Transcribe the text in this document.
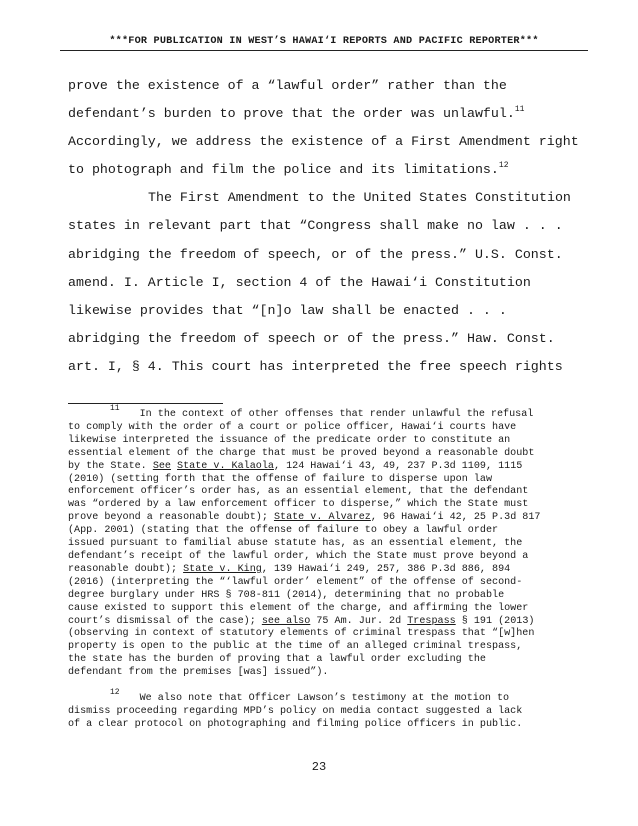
***FOR PUBLICATION IN WEST’S HAWAI‘I REPORTS AND PACIFIC REPORTER***
prove the existence of a “lawful order” rather than the
defendant’s burden to prove that the order was unlawful.$^{11}$
Accordingly, we address the existence of a First Amendment right
to photograph and film the police and its limitations.$^{12}$
The First Amendment to the United States Constitution
states in relevant part that “Congress shall make no law . . .
abridging the freedom of speech, or of the press.” U.S. Const.
amend. I. Article I, section 4 of the Hawai‘i Constitution
likewise provides that “[n]o law shall be enacted . . .
abridging the freedom of speech or of the press.” Haw. Const.
art. I, § 4. This court has interpreted the free speech rights
$^{11}$In the context of other offenses that render unlawful the refusal
to comply with the order of a court or police officer, Hawai‘i courts have
likewise interpreted the issuance of the predicate order to constitute an
essential element of the charge that must be proved beyond a reasonable doubt
by the State. See State v. Kalaola, 124 Hawai‘i 43, 49, 237 P.3d 1109, 1115
(2010) (setting forth that the offense of failure to disperse upon law
enforcement officer’s order has, as an essential element, that the defendant
was “ordered by a law enforcement officer to disperse,” which the State must
prove beyond a reasonable doubt); State v. Alvarez, 96 Hawai‘i 42, 25 P.3d 817
(App. 2001) (stating that the offense of failure to obey a lawful order
issued pursuant to familial abuse statute has, as an essential element, the
defendant’s receipt of the lawful order, which the State must prove beyond a
reasonable doubt); State v. King, 139 Hawai‘i 249, 257, 386 P.3d 886, 894
(2016) (interpreting the “‘lawful order’ element” of the offense of second-
degree burglary under HRS § 708-811 (2014), determining that no probable
cause existed to support this element of the charge, and affirming the lower
court’s dismissal of the case); see also 75 Am. Jur. 2d Trespass § 191 (2013)
(observing in context of statutory elements of criminal trespass that “[w]hen
property is open to the public at the time of an alleged criminal trespass,
the state has the burden of proving that a lawful order excluding the
defendant from the premises [was] issued”).
$^{12}$We also note that Officer Lawson’s testimony at the motion to
dismiss proceeding regarding MPD’s policy on media contact suggested a lack
of a clear protocol on photographing and filming police officers in public.
23
